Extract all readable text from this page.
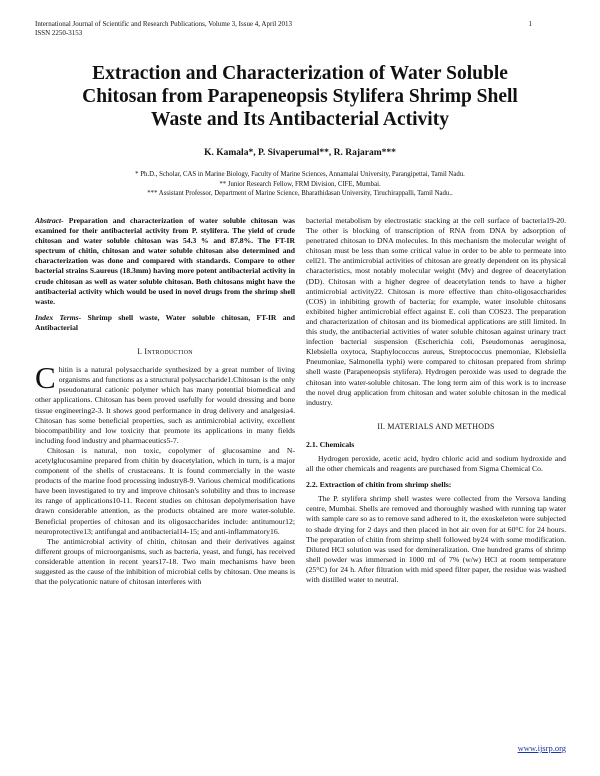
International Journal of Scientific and Research Publications, Volume 3, Issue 4, April 2013
ISSN 2250-3153
1
Extraction and Characterization of Water Soluble Chitosan from Parapeneopsis Stylifera Shrimp Shell Waste and Its Antibacterial Activity
K. Kamala*, P. Sivaperumal**, R. Rajaram***
* Ph.D., Scholar, CAS in Marine Biology, Faculty of Marine Sciences, Annamalai University, Parangipettai, Tamil Nadu.
** Junior Research Fellow, FRM Division, CIFE, Mumbai.
*** Assistant Professor, Department of Marine Science, Bharathidasan University, Tiruchirappalli, Tamil Nadu..

Abstract- Preparation and characterization of water soluble chitosan was examined for their antibacterial activity from P. stylifera. The yield of crude chitosan and water soluble chitosan was 54.3 % and 87.8%. The FT-IR spectrum of chitin, chitosan and water soluble chitosan also determined and characterization was done and compared with standards. Compare to other bacterial strains S.aureus (18.3mm) having more potent antibacterial activity in crude chitosan as well as water soluble chitosan. Both chitosans might have the antibacterial activity which would be used in novel drugs from the shrimp shell waste.

Index Terms- Shrimp shell waste, Water soluble chitosan, FT-IR and Antibacterial

I. Introduction

Chitin is a natural polysaccharide synthesized by a great number of living organisms and functions as a structural polysaccharide1.Chitosan is the only pseudonatural cationic polymer which has many potential biomedical and other applications. Chitosan has been proved usefully for would dressing and bone tissue engineering2-3. It shows good performance in drug delivery and analgesia4. Chitosan has some beneficial properties, such as antimicrobial activity, excellent biocompatibility and low toxicity that promote its applications in many fields including food industry and pharmaceutics5-7.

Chitosan is natural, non toxic, copolymer of glucosamine and N-acetylglucosamine prepared from chitin by deacetylation, which in turn, is a major component of the shells of crustaceans. It is found commercially in the waste products of the marine food processing industry8-9. Various chemical modifications have been investigated to try and improve chitosan's solubility and thus to increase its range of applications10-11. Recent studies on chitosan depolymerisation have drawn considerable attention, as the products obtained are more water-soluble. Beneficial properties of chitosan and its oligosaccharides include: antitumour12; neuroprotective13; antifungal and antibacterial14-15; and anti-inflammatory16.

The antimicrobial activity of chitin, chitosan and their derivatives against different groups of microorganisms, such as bacteria, yeast, and fungi, has received considerable attention in recent years17-18. Two main mechanisms have been suggested as the cause of the inhibition of microbial cells by chitosan. One means is that the polycationic nature of chitosan interferes with

bacterial metabolism by electrostatic stacking at the cell surface of bacteria19-20. The other is blocking of transcription of RNA from DNA by adsorption of penetrated chitosan to DNA molecules. In this mechanism the molecular weight of chitosan must be less than some critical value in order to be able to permeate into cell21. The antimicrobial activities of chitosan are greatly dependent on its physical characteristics, most notably molecular weight (Mv) and degree of deacetylation (DD). Chitosan with a higher degree of deacetylation tends to have a higher antimicrobial activity22. Chitosan is more effective than chito-oligosaccharides (COS) in inhibiting growth of bacteria; for example, water insoluble chitosans exhibited higher antimicrobial effect against E. coli than COS23. The preparation and characterization of chitosan and its biomedical applications are still limited. In this study, the antibacterial activities of water soluble chitosan against urinary tract infection bacterial suspension (Escherichia coli, Pseudomonas aeruginosa, Klebsiella oxytoca, Staphylococcus aureus, Streptococcus pnemoniae, Klebsiella Pneumoniae, Salmonella typhi) were compared to chitosan prepared from shrimp shell waste (Parapeneopsis stylifera). Hydrogen peroxide was used to degrade the chitosan into water-soluble chitosan. The long term aim of this work is to increase the novel drug application from chitosan and water soluble chitosan in the medical industry.

II. MATERIALS AND METHODS
2.1. Chemicals

Hydrogen peroxide, acetic acid, hydro chloric acid and sodium hydroxide and all the other chemicals and reagents are purchased from Sigma Chemical Co.

2.2. Extraction of chitin from shrimp shells:

The P. stylifera shrimp shell wastes were collected from the Versova landing centre, Mumbai. Shells are removed and thoroughly washed with running tap water with sample care so as to remove sand adhered to it, the exoskeleton were subjected to shade drying for 2 days and then placed in hot air oven for at 60°C for 24 hours. The preparation of chitin from shrimp shell followed by24 with some modification. Diluted HCl solution was used for demineralization. One hundred grams of shrimp shell powder was immersed in 1000 ml of 7% (w/w) HCl at room temperature (25°C) for 24 h. After filtration with mid speed filter paper, the residue was washed with distilled water to neutral.

www.ijsrp.org
